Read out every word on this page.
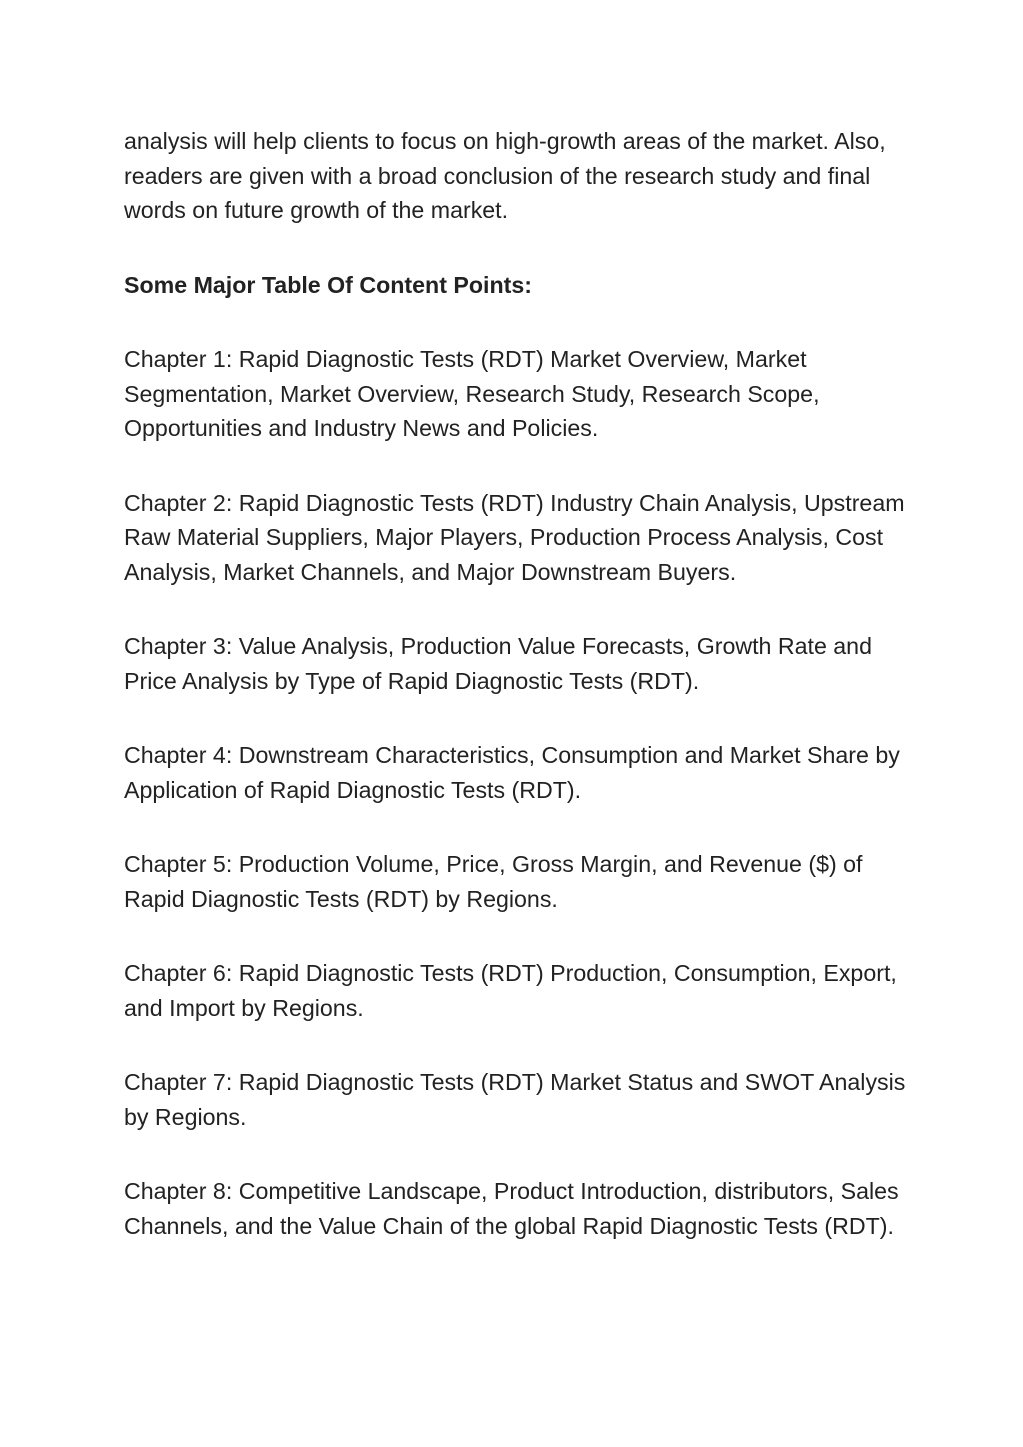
analysis will help clients to focus on high-growth areas of the market. Also, readers are given with a broad conclusion of the research study and final words on future growth of the market.

Some Major Table Of Content Points:

Chapter 1: Rapid Diagnostic Tests (RDT) Market Overview, Market Segmentation, Market Overview, Research Study, Research Scope, Opportunities and Industry News and Policies.

Chapter 2: Rapid Diagnostic Tests (RDT) Industry Chain Analysis, Upstream Raw Material Suppliers, Major Players, Production Process Analysis, Cost Analysis, Market Channels, and Major Downstream Buyers.

Chapter 3: Value Analysis, Production Value Forecasts, Growth Rate and Price Analysis by Type of Rapid Diagnostic Tests (RDT).

Chapter 4: Downstream Characteristics, Consumption and Market Share by Application of Rapid Diagnostic Tests (RDT).

Chapter 5: Production Volume, Price, Gross Margin, and Revenue ($) of Rapid Diagnostic Tests (RDT) by Regions.

Chapter 6: Rapid Diagnostic Tests (RDT) Production, Consumption, Export, and Import by Regions.

Chapter 7: Rapid Diagnostic Tests (RDT) Market Status and SWOT Analysis by Regions.

Chapter 8: Competitive Landscape, Product Introduction, distributors, Sales Channels, and the Value Chain of the global Rapid Diagnostic Tests (RDT).
